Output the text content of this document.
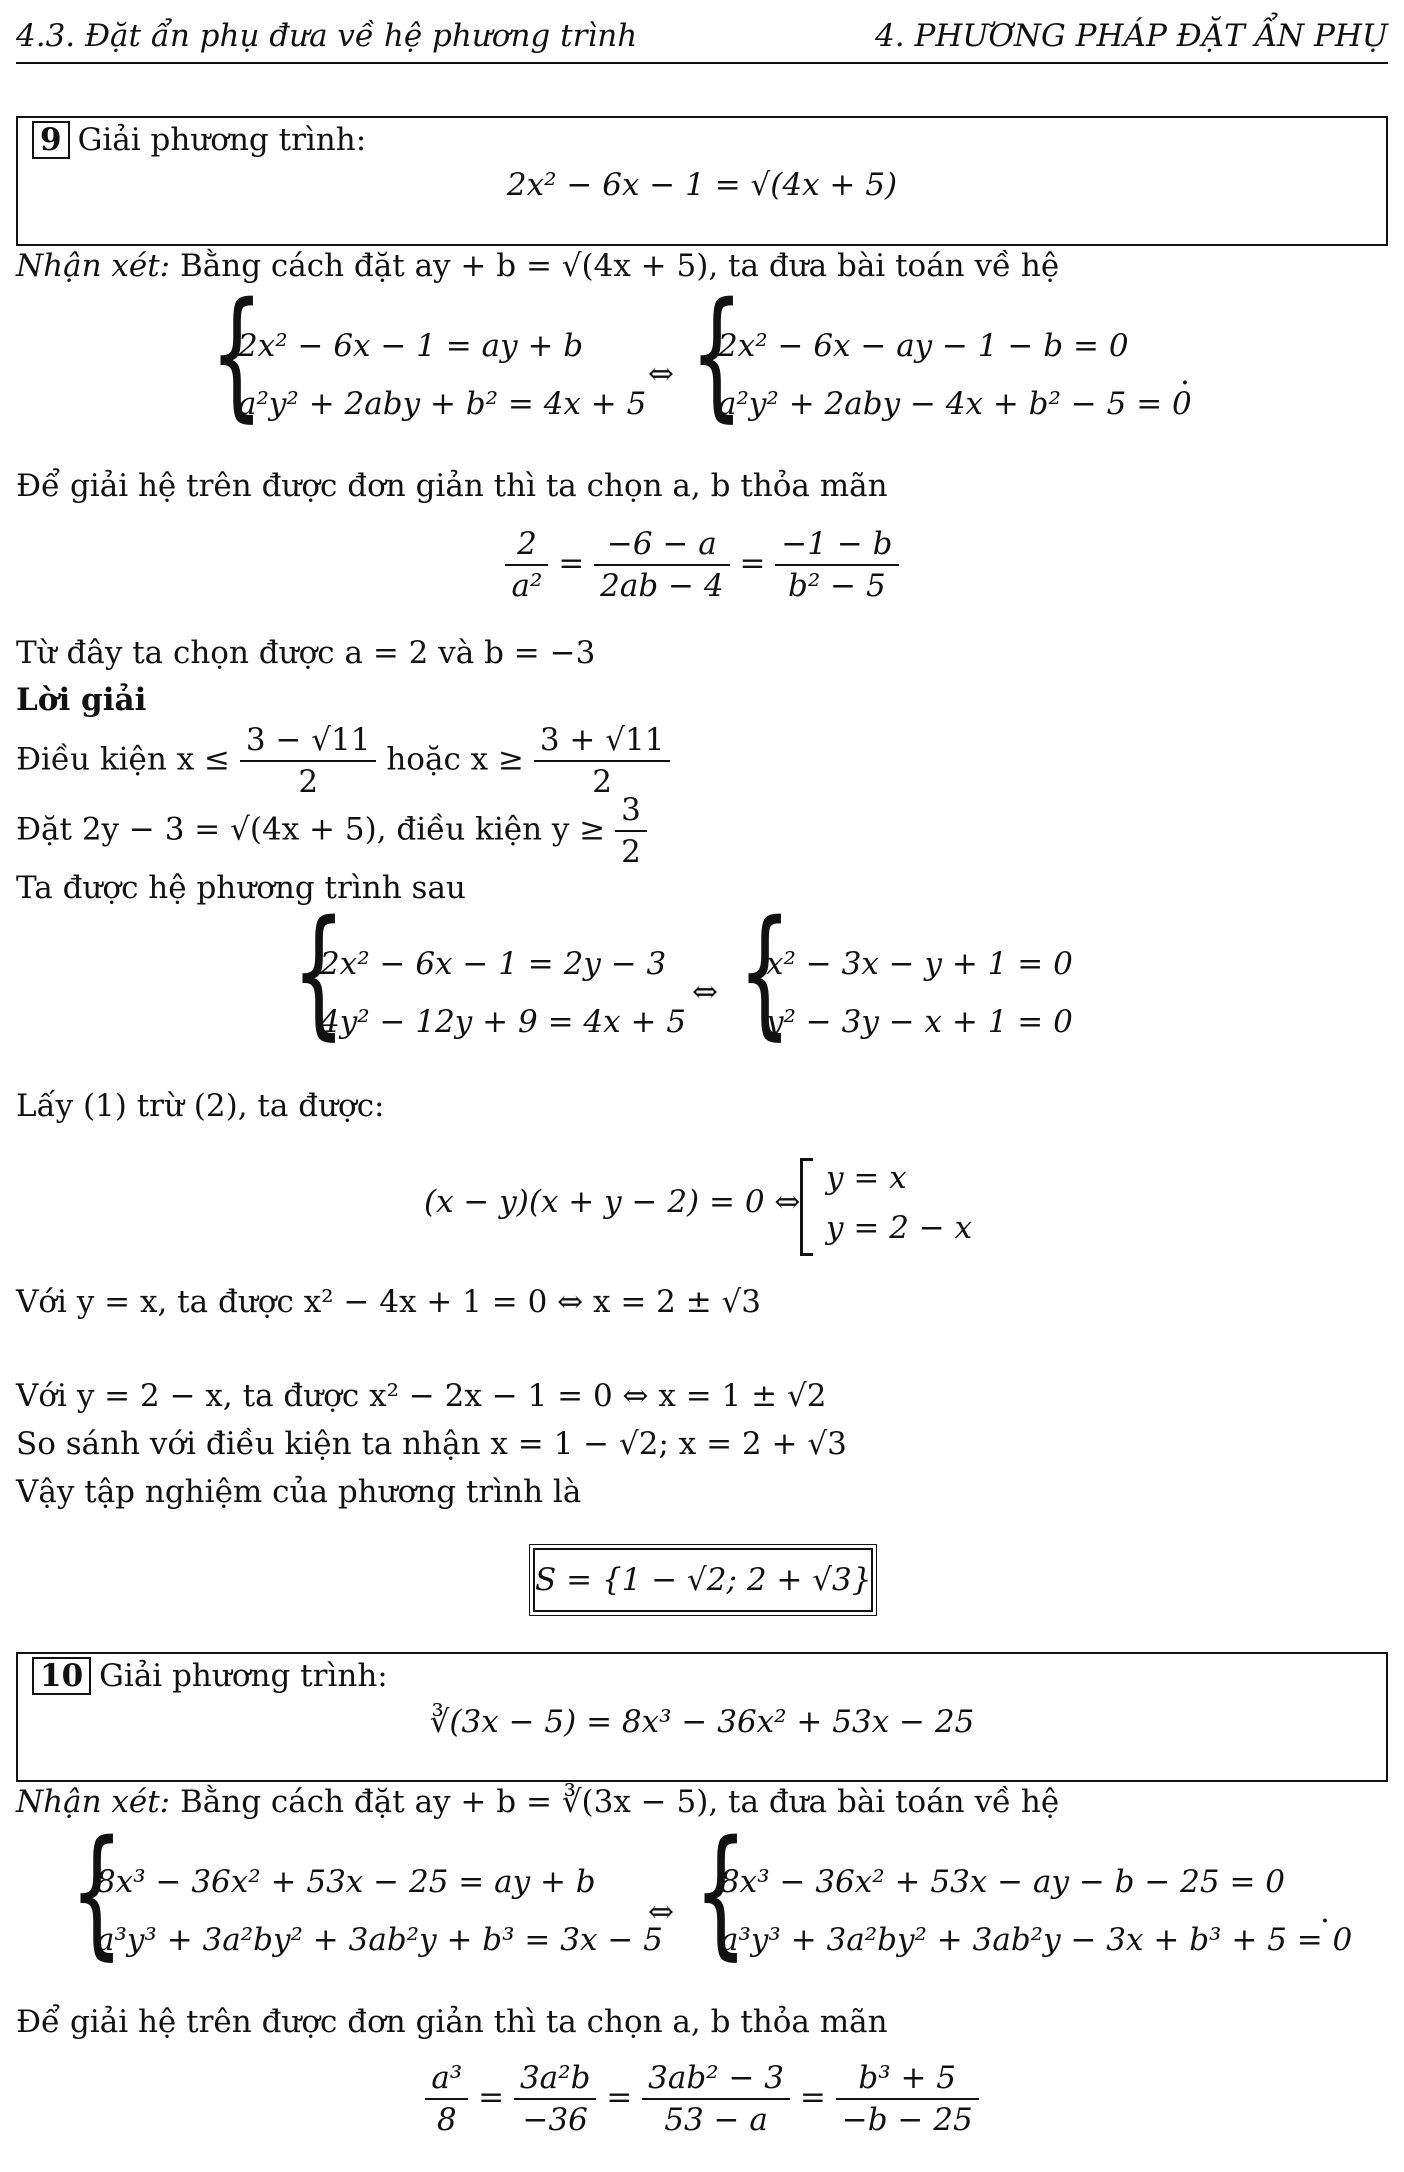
4.3. Đặt ẩn phụ đưa về hệ phương trình	4. PHƯƠNG PHÁP ĐẶT ẨN PHỤ
9 Giải phương trình:
2x² − 6x − 1 = √(4x + 5)
Nhận xét: Bằng cách đặt ay + b = √(4x + 5), ta đưa bài toán về hệ
{
2x² − 6x − 1 = ay + b
a²y² + 2aby + b² = 4x + 5
⇔ {
2x² − 6x − ay − 1 − b = 0
a²y² + 2aby − 4x + b² − 5 = 0
.
Để giải hệ trên được đơn giản thì ta chọn a, b thỏa mãn
$\frac{2}{\text{a²}} = \frac{-6 - a}{2ab - 4} = \frac{-1 - b}{\text{b² − 5}}$
Từ đây ta chọn được a = 2 và b = −3
Lời giải
Điều kiện $x \le \frac{3 - √11}{2}$ hoặc $x \ge \frac{3 + √11}{2}$
Đặt 2y − 3 = √(4x + 5), điều kiện $y \ge \frac{3}{2}$
Ta được hệ phương trình sau
{
2x² − 6x − 1 = 2y − 3
4y² − 12y + 9 = 4x + 5
⇔ {
x² − 3x − y + 1 = 0
y² − 3y − x + 1 = 0
Lấy (1) trừ (2), ta được:
(x − y)(x + y − 2) = 0 ⇔
y = x
y = 2 − x
Với y = x, ta được x² − 4x + 1 = 0 ⇔ x = 2 ± √3
Với y = 2 − x, ta được x² − 2x − 1 = 0 ⇔ x = 1 ± √2
So sánh với điều kiện ta nhận x = 1 − √2; x = 2 + √3
Vậy tập nghiệm của phương trình là
S = {1 − √2; 2 + √3}
10 Giải phương trình:
∛(3x − 5) = 8x³ − 36x² + 53x − 25
Nhận xét: Bằng cách đặt ay + b = ∛(3x − 5), ta đưa bài toán về hệ
{
8x³ − 36x² + 53x − 25 = ay + b
a³y³ + 3a²by² + 3ab²y + b³ = 3x − 5
⇔ {
8x³ − 36x² + 53x − ay − b − 25 = 0
a³y³ + 3a²by² + 3ab²y − 3x + b³ + 5 = 0
.
Để giải hệ trên được đơn giản thì ta chọn a, b thỏa mãn
$\frac{\text{a³}}{8} = \frac{\text{3a²b}}{-36} = \frac{\text{3ab² − 3}}{53 - a} = \frac{\text{b³ + 5}}{-b - 25}$
